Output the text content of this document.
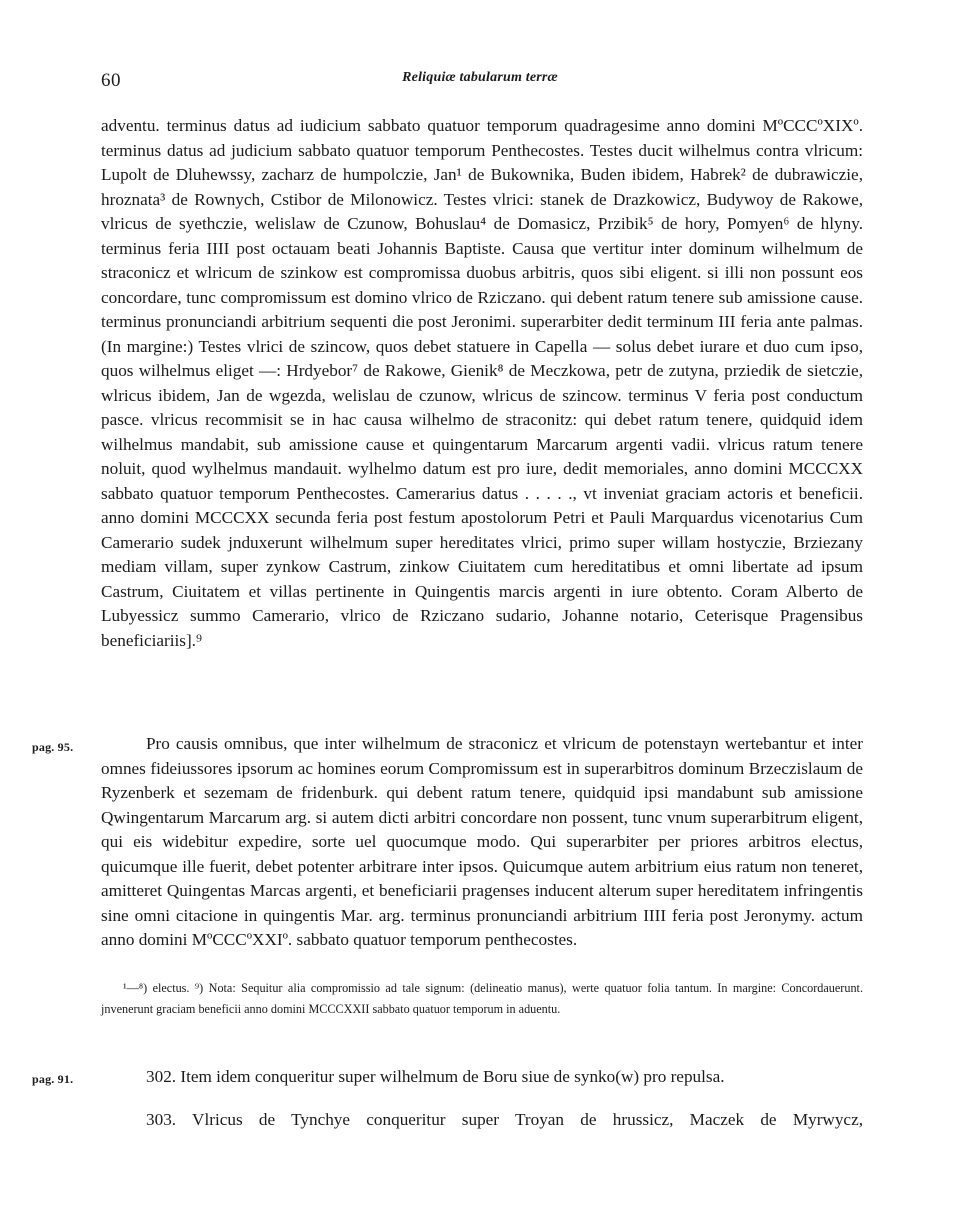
60	Reliquiæ tabularum terræ

adventu. terminus datus ad iudicium sabbato quatuor temporum quadragesime anno domini MºCCCºXIXº. terminus datus ad judicium sabbato quatuor temporum Penthecostes. Testes ducit wilhelmus contra vlricum: Lupolt de Dluhewssy, zacharz de humpolczie, Jan¹ de Bukownika, Buden ibidem, Habrek² de dubrawiczie, hroznata³ de Rownych, Cstibor de Milonowicz. Testes vlrici: stanek de Drazkowicz, Budywoy de Rakowe, vlricus de syethczie, welislaw de Czunow, Bohuslau⁴ de Domasicz, Przibik⁵ de hory, Pomyen⁶ de hlyny. terminus feria IIII post octauam beati Johannis Baptiste. Causa que vertitur inter dominum wilhelmum de straconicz et wlricum de szinkow est compromissa duobus arbitris, quos sibi eligent. si illi non possunt eos concordare, tunc compromissum est domino vlrico de Rziczano. qui debent ratum tenere sub amissione cause. terminus pronunciandi arbitrium sequenti die post Jeronimi. superarbiter dedit terminum III feria ante palmas. (In margine:) Testes vlrici de szincow, quos debet statuere in Capella — solus debet iurare et duo cum ipso, quos wilhelmus eliget —: Hrdyebor⁷ de Rakowe, Gienik⁸ de Meczkowa, petr de zutyna, prziedik de sietczie, wlricus ibidem, Jan de wgezda, welislau de czunow, wlricus de szincow. terminus V feria post conductum pasce. vlricus recommisit se in hac causa wilhelmo de straconitz: qui debet ratum tenere, quidquid idem wilhelmus mandabit, sub amissione cause et quingentarum Marcarum argenti vadii. vlricus ratum tenere noluit, quod wylhelmus mandauit. wylhelmo datum est pro iure, dedit memoriales, anno domini MCCCXX sabbato quatuor temporum Penthecostes. Camerarius datus . . . . ., vt inveniat graciam actoris et beneficii. anno domini MCCCXX secunda feria post festum apostolorum Petri et Pauli Marquardus vicenotarius Cum Camerario sudek jnduxerunt wilhelmum super hereditates vlrici, primo super willam hostyczie, Brziezany mediam villam, super zynkow Castrum, zinkow Ciuitatem cum hereditatibus et omni libertate ad ipsum Castrum, Ciuitatem et villas pertinente in Quingentis marcis argenti in iure obtento. Coram Alberto de Lubyessicz summo Camerario, vlrico de Rziczano sudario, Johanne notario, Ceterisque Pragensibus beneficiariis].⁹

pag. 95.	Pro causis omnibus, que inter wilhelmum de straconicz et vlricum de potenstayn wertebantur et inter omnes fideiussores ipsorum ac homines eorum Compromissum est in superarbitros dominum Brzeczislaum de Ryzenberk et sezemam de fridenburk. qui debent ratum tenere, quidquid ipsi mandabunt sub amissione Qwingentarum Marcarum arg. si autem dicti arbitri concordare non possent, tunc vnum superarbitrum eligent, qui eis widebitur expedire, sorte uel quocumque modo. Qui superarbiter per priores arbitros electus, quicumque ille fuerit, debet potenter arbitrare inter ipsos. Quicumque autem arbitrium eius ratum non teneret, amitteret Quingentas Marcas argenti, et beneficiarii pragenses inducent alterum super hereditatem infringentis sine omni citacione in quingentis Mar. arg. terminus pronunciandi arbitrium IIII feria post Jeronymy. actum anno domini MºCCCºXXIº. sabbato quatuor temporum penthecostes.

¹—⁸) electus. ⁹) Nota: Sequitur alia compromissio ad tale signum: (delineatio manus), werte quatuor folia tantum. In margine: Concordauerunt. jnvenerunt graciam beneficii anno domini MCCCXXII sabbato quatuor temporum in aduentu.

pag. 91.	302. Item idem conqueritur super wilhelmum de Boru siue de synko(w) pro repulsa.

303. Vlricus de Tynchye conqueritur super Troyan de hrussicz, Maczek de Myrwycz,
